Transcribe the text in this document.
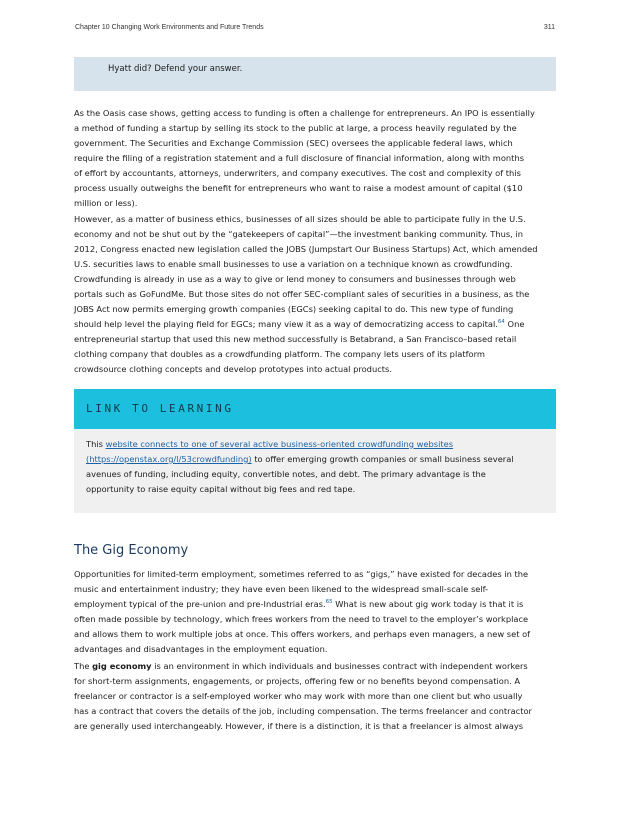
Chapter 10 Changing Work Environments and Future Trends	311
Hyatt did? Defend your answer.
As the Oasis case shows, getting access to funding is often a challenge for entrepreneurs. An IPO is essentially
a method of funding a startup by selling its stock to the public at large, a process heavily regulated by the
government. The Securities and Exchange Commission (SEC) oversees the applicable federal laws, which
require the filing of a registration statement and a full disclosure of financial information, along with months
of effort by accountants, attorneys, underwriters, and company executives. The cost and complexity of this
process usually outweighs the benefit for entrepreneurs who want to raise a modest amount of capital ($10
million or less).
However, as a matter of business ethics, businesses of all sizes should be able to participate fully in the U.S.
economy and not be shut out by the “gatekeepers of capital”—the investment banking community. Thus, in
2012, Congress enacted new legislation called the JOBS (Jumpstart Our Business Startups) Act, which amended
U.S. securities laws to enable small businesses to use a variation on a technique known as crowdfunding.
Crowdfunding is already in use as a way to give or lend money to consumers and businesses through web
portals such as GoFundMe. But those sites do not offer SEC-compliant sales of securities in a business, as the
JOBS Act now permits emerging growth companies (EGCs) seeking capital to do. This new type of funding
should help level the playing field for EGCs; many view it as a way of democratizing access to capital.$^{64}$ One
entrepreneurial startup that used this new method successfully is Betabrand, a San Francisco–based retail
clothing company that doubles as a crowdfunding platform. The company lets users of its platform
crowdsource clothing concepts and develop prototypes into actual products.
LINK TO LEARNING
This website connects to one of several active business-oriented crowdfunding websites
(https://openstax.org/l/53crowdfunding) to offer emerging growth companies or small business several
avenues of funding, including equity, convertible notes, and debt. The primary advantage is the
opportunity to raise equity capital without big fees and red tape.
The Gig Economy
Opportunities for limited-term employment, sometimes referred to as “gigs,” have existed for decades in the
music and entertainment industry; they have even been likened to the widespread small-scale self-
employment typical of the pre-union and pre-Industrial eras.$^{65}$ What is new about gig work today is that it is
often made possible by technology, which frees workers from the need to travel to the employer’s workplace
and allows them to work multiple jobs at once. This offers workers, and perhaps even managers, a new set of
advantages and disadvantages in the employment equation.
The gig economy is an environment in which individuals and businesses contract with independent workers
for short-term assignments, engagements, or projects, offering few or no benefits beyond compensation. A
freelancer or contractor is a self-employed worker who may work with more than one client but who usually
has a contract that covers the details of the job, including compensation. The terms freelancer and contractor
are generally used interchangeably. However, if there is a distinction, it is that a freelancer is almost always
